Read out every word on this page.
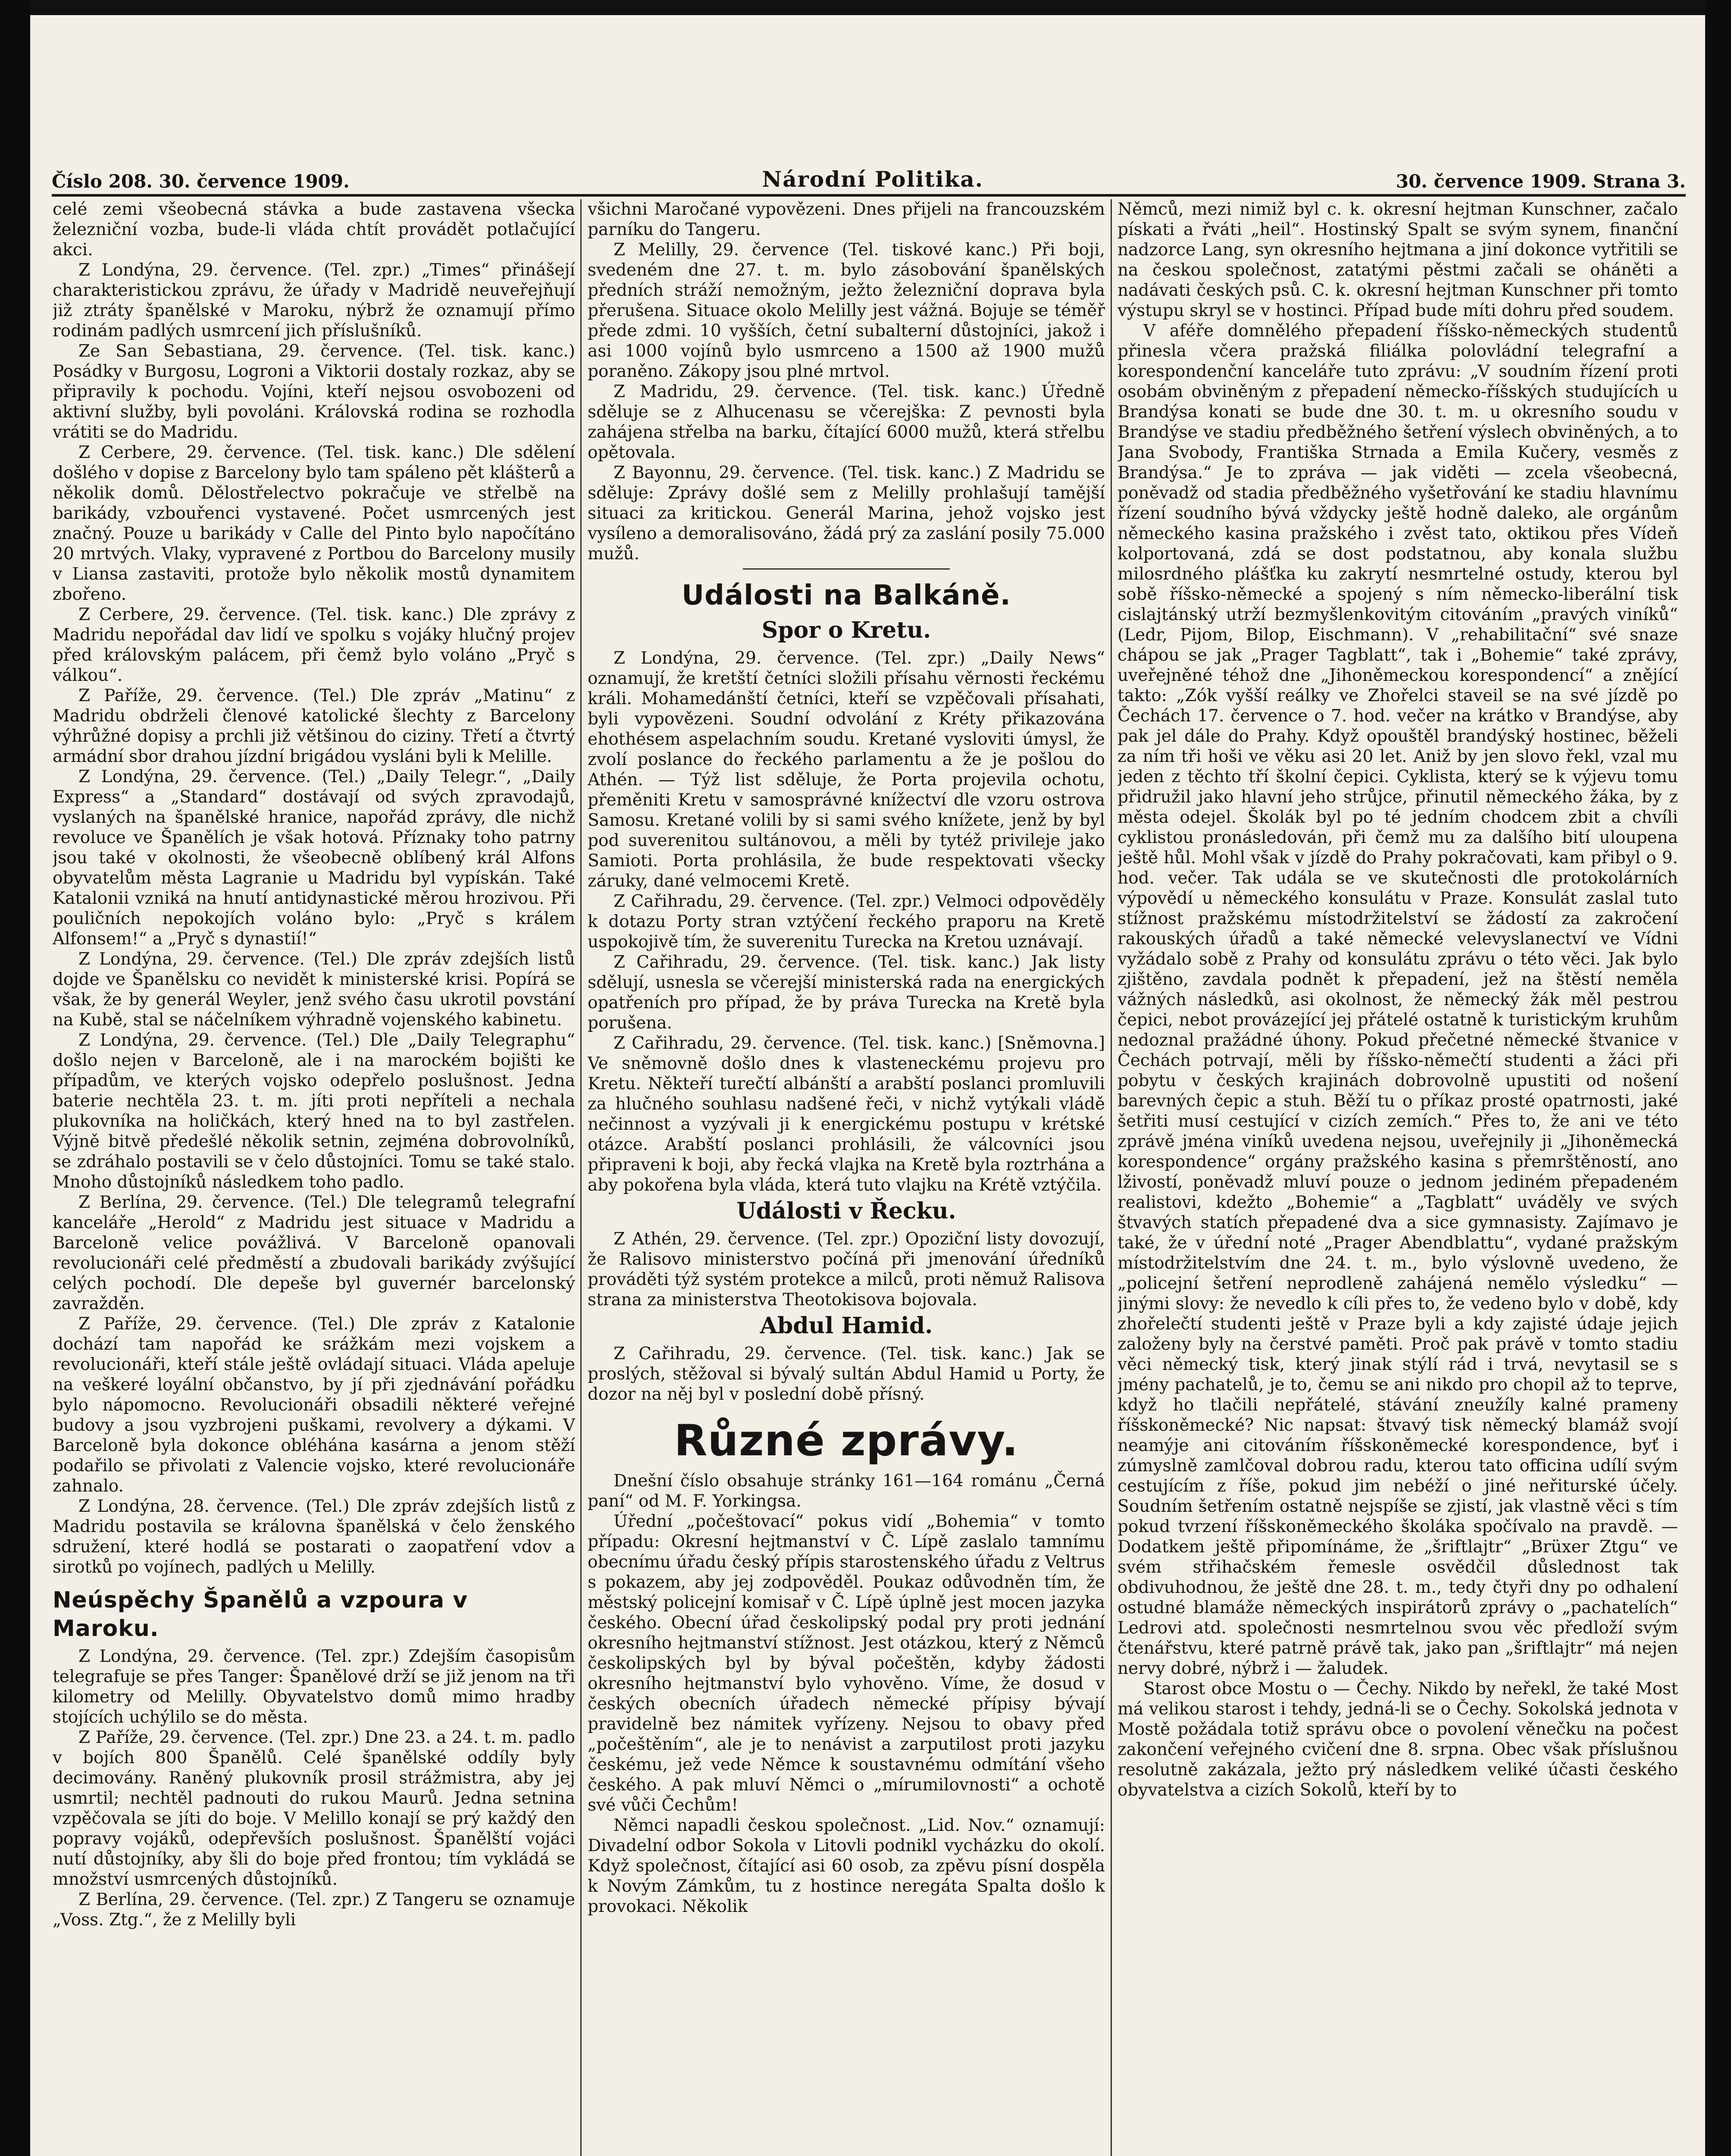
Číslo 208. 30. července 1909.	Národní Politika.	30. července 1909. Strana 3.

celé zemi všeobecná stávka a bude zastavena všecka železniční vozba, bude-li vláda chtít provádět potlačující akci.

Z Londýna, 29. července. (Tel. zpr.) „Times“ přinášejí charakteristickou zprávu, že úřady v Madridě neuveřejňují již ztráty španělské v Maroku, nýbrž že oznamují přímo rodinám padlých usmrcení jich příslušníků.

Ze San Sebastiana, 29. července. (Tel. tisk. kanc.) Posádky v Burgosu, Logroni a Viktorii dostaly rozkaz, aby se připravily k pochodu. Vojíni, kteří nejsou osvobozeni od aktivní služby, byli povoláni. Královská rodina se rozhodla vrátiti se do Madridu.

Z Cerbere, 29. července. (Tel. tisk. kanc.) Dle sdělení došlého v dopise z Barcelony bylo tam spáleno pět klášterů a několik domů. Dělostřelectvo pokračuje ve střelbě na barikády, vzbouřenci vystavené. Počet usmrcených jest značný. Pouze u barikády v Calle del Pinto bylo napočítáno 20 mrtvých. Vlaky, vypravené z Portbou do Barcelony musily v Liansa zastaviti, protože bylo několik mostů dynamitem zbořeno.

Z Cerbere, 29. července. (Tel. tisk. kanc.) Dle zprávy z Madridu nepořádal dav lidí ve spolku s vojáky hlučný projev před královským palácem, při čemž bylo voláno „Pryč s válkou“.

Z Paříže, 29. července. (Tel.) Dle zpráv „Matinu“ z Madridu obdrželi členové katolické šlechty z Barcelony výhrůžné dopisy a prchli již většinou do ciziny. Třetí a čtvrtý armádní sbor drahou jízdní brigádou vysláni byli k Melille.

Z Londýna, 29. července. (Tel.) „Daily Telegr.“, „Daily Express“ a „Standard“ dostávají od svých zpravodajů, vyslaných na španělské hranice, napořád zprávy, dle nichž revoluce ve Španělích je však hotová. Příznaky toho patrny jsou také v okolnosti, že všeobecně oblíbený král Alfons obyvatelům města Lagranie u Madridu byl vypískán. Také Katalonii vzniká na hnutí antidynastické měrou hrozivou. Při pouličních nepokojích voláno bylo: „Pryč s králem Alfonsem!“ a „Pryč s dynastií!“

Z Londýna, 29. července. (Tel.) Dle zpráv zdejších listů dojde ve Španělsku co nevidět k ministerské krisi. Popírá se však, že by generál Weyler, jenž svého času ukrotil povstání na Kubě, stal se náčelníkem výhradně vojenského kabinetu.

Z Londýna, 29. července. (Tel.) Dle „Daily Telegraphu“ došlo nejen v Barceloně, ale i na marockém bojišti ke případům, ve kterých vojsko odepřelo poslušnost. Jedna baterie nechtěla 23. t. m. jíti proti nepříteli a nechala plukovníka na holičkách, který hned na to byl zastřelen. Výjně bitvě předešlé několik setnin, zejména dobrovolníků, se zdráhalo postavili se v čelo důstojníci. Tomu se také stalo. Mnoho důstojníků následkem toho padlo.

Z Berlína, 29. července. (Tel.) Dle telegramů telegrafní kanceláře „Herold“ z Madridu jest situace v Madridu a Barceloně velice povážlivá. V Barceloně opanovali revolucionáři celé předměstí a zbudovali barikády zvýšující celých pochodí. Dle depeše byl guvernér barcelonský zavražděn.

Z Paříže, 29. července. (Tel.) Dle zpráv z Katalonie dochází tam napořád ke srážkám mezi vojskem a revolucionáři, kteří stále ještě ovládají situaci. Vláda apeluje na veškeré loyální občanstvo, by jí při zjednávání pořádku bylo nápomocno. Revolucionáři obsadili některé veřejné budovy a jsou vyzbrojeni puškami, revolvery a dýkami. V Barceloně byla dokonce obléhána kasárna a jenom stěží podařilo se přivolati z Valencie vojsko, které revolucionáře zahnalo.

Z Londýna, 28. července. (Tel.) Dle zpráv zdejších listů z Madridu postavila se královna španělská v čelo ženského sdružení, které hodlá se postarati o zaopatření vdov a sirotků po vojínech, padlých u Melilly.

Neúspěchy Španělů a vzpoura v Maroku.

Z Londýna, 29. července. (Tel. zpr.) Zdejším časopisům telegrafuje se přes Tanger: Španělové drží se již jenom na tři kilometry od Melilly. Obyvatelstvo domů mimo hradby stojících uchýlilo se do města.

Z Paříže, 29. července. (Tel. zpr.) Dne 23. a 24. t. m. padlo v bojích 800 Španělů. Celé španělské oddíly byly decimovány. Raněný plukovník prosil strážmistra, aby jej usmrtil; nechtěl padnouti do rukou Maurů. Jedna setnina vzpěčovala se jíti do boje. V Melillo konají se prý každý den popravy vojáků, odepřevších poslušnost. Španělští vojáci nutí důstojníky, aby šli do boje před frontou; tím vykládá se množství usmrcených důstojníků.

Z Berlína, 29. července. (Tel. zpr.) Z Tangeru se oznamuje „Voss. Ztg.“, že z Melilly byli

všichni Maročané vypovězeni. Dnes přijeli na francouzském parníku do Tangeru.

Z Melilly, 29. července (Tel. tiskové kanc.) Při boji, svedeném dne 27. t. m. bylo zásobování španělských předních stráží nemožným, ježto železniční doprava byla přerušena. Situace okolo Melilly jest vážná. Bojuje se téměř přede zdmi. 10 vyšších, četní subalterní důstojníci, jakož i asi 1000 vojínů bylo usmrceno a 1500 až 1900 mužů poraněno. Zákopy jsou plné mrtvol.

Z Madridu, 29. července. (Tel. tisk. kanc.) Úředně sděluje se z Alhucenasu se včerejška: Z pevnosti byla zahájena střelba na barku, čítající 6000 mužů, která střelbu opětovala.

Z Bayonnu, 29. července. (Tel. tisk. kanc.) Z Madridu se sděluje: Zprávy došlé sem z Melilly prohlašují tamější situaci za kritickou. Generál Marina, jehož vojsko jest vysíleno a demoralisováno, žádá prý za zaslání posily 75.000 mužů.

Události na Balkáně.
Spor o Kretu.

Z Londýna, 29. července. (Tel. zpr.) „Daily News“ oznamují, že kretští četníci složili přísahu věrnosti řeckému králi. Mohamedánští četníci, kteří se vzpěčovali přísahati, byli vypovězeni. Soudní odvolání z Kréty přikazována ehothésem aspelachním soudu. Kretané vysloviti úmysl, že zvolí poslance do řeckého parlamentu a že je pošlou do Athén. — Týž list sděluje, že Porta projevila ochotu, přeměniti Kretu v samosprávné knížectví dle vzoru ostrova Samosu. Kretané volili by si sami svého knížete, jenž by byl pod suverenitou sultánovou, a měli by tytéž privileje jako Samioti. Porta prohlásila, že bude respektovati všecky záruky, dané velmocemi Kretě.

Z Cařihradu, 29. července. (Tel. zpr.) Velmoci odpověděly k dotazu Porty stran vztýčení řeckého praporu na Kretě uspokojivě tím, že suverenitu Turecka na Kretou uznávají.

Z Cařihradu, 29. července. (Tel. tisk. kanc.) Jak listy sdělují, usnesla se včerejší ministerská rada na energických opatřeních pro případ, že by práva Turecka na Kretě byla porušena.

Z Cařihradu, 29. července. (Tel. tisk. kanc.) [Sněmovna.] Ve sněmovně došlo dnes k vlasteneckému projevu pro Kretu. Někteří turečtí albánští a arabští poslanci promluvili za hlučného souhlasu nadšené řeči, v nichž vytýkali vládě nečinnost a vyzývali ji k energickému postupu v krétské otázce. Arabští poslanci prohlásili, že válcovníci jsou připraveni k boji, aby řecká vlajka na Kretě byla roztrhána a aby pokořena byla vláda, která tuto vlajku na Krétě vztýčila.

Události v Řecku.

Z Athén, 29. července. (Tel. zpr.) Opoziční listy dovozují, že Ralisovo ministerstvo počíná při jmenování úředníků prováděti týž systém protekce a milců, proti němuž Ralisova strana za ministerstva Theotokisova bojovala.

Abdul Hamid.

Z Cařihradu, 29. července. (Tel. tisk. kanc.) Jak se proslých, stěžoval si bývalý sultán Abdul Hamid u Porty, že dozor na něj byl v poslední době přísný.

Různé zprávy.

Dnešní číslo obsahuje stránky 161—164 románu „Černá paní“ od M. F. Yorkingsa.

Úřední „počeštovací“ pokus vidí „Bohemia“ v tomto případu: Okresní hejtmanství v Č. Lípě zaslalo tamnímu obecnímu úřadu český přípis starostenského úřadu z Veltrus s pokazem, aby jej zodpověděl. Poukaz odůvodněn tím, že městský policejní komisař v Č. Lípě úplně jest mocen jazyka českého. Obecní úřad českolipský podal pry proti jednání okresního hejtmanství stížnost. Jest otázkou, který z Němců českolipských byl by býval počeštěn, kdyby žádosti okresního hejtmanství bylo vyhověno. Víme, že dosud v českých obecních úřadech německé přípisy bývají pravidelně bez námitek vyřízeny. Nejsou to obavy před „počeštěním“, ale je to nenávist a zarputilost proti jazyku českému, jež vede Němce k soustavnému odmítání všeho českého. A pak mluví Němci o „mírumilovnosti“ a ochotě své vůči Čechům!

Němci napadli českou společnost. „Lid. Nov.“ oznamují: Divadelní odbor Sokola v Litovli podnikl vycházku do okolí. Když společnost, čítající asi 60 osob, za zpěvu písní dospěla k Novým Zámkům, tu z hostince neregáta Spalta došlo k provokaci. Několik

Němců, mezi nimiž byl c. k. okresní hejtman Kunschner, začalo pískati a řváti „heil“. Hostinský Spalt se svým synem, finanční nadzorce Lang, syn okresního hejtmana a jiní dokonce vytřitili se na českou společnost, zatatými pěstmi začali se oháněti a nadávati českých psů. C. k. okresní hejtman Kunschner při tomto výstupu skryl se v hostinci. Případ bude míti dohru před soudem.

V aféře domnělého přepadení říšsko-německých studentů přinesla včera pražská filiálka polovládní telegrafní a korespondenční kanceláře tuto zprávu: „V soudním řízení proti osobám obviněným z přepadení německo-říšských studujících u Brandýsa konati se bude dne 30. t. m. u okresního soudu v Brandýse ve stadiu předběžného šetření výslech obviněných, a to Jana Svobody, Františka Strnada a Emila Kučery, vesměs z Brandýsa.“ Je to zpráva — jak viděti — zcela všeobecná, poněvadž od stadia předběžného vyšetřování ke stadiu hlavnímu řízení soudního bývá vždycky ještě hodně daleko, ale orgánům německého kasina pražského i zvěst tato, oktikou přes Vídeň kolportovaná, zdá se dost podstatnou, aby konala službu milosrdného plášťka ku zakrytí nesmrtelné ostudy, kterou byl sobě říšsko-německé a spojený s ním německo-liberální tisk cislajtánský utrží bezmyšlenkovitým citováním „pravých viníků“ (Ledr, Pijom, Bilop, Eischmann). V „rehabilitační“ své snaze chápou se jak „Prager Tagblatt“, tak i „Bohemie“ také zprávy, uveřejněné téhož dne „Jihoněmeckou korespondencí“ a znějící takto: „Zók vyšší reálky ve Zhořelci staveil se na své jízdě po Čechách 17. července o 7. hod. večer na krátko v Brandýse, aby pak jel dále do Prahy. Když opouštěl brandýský hostinec, běželi za ním tři hoši ve věku asi 20 let. Aniž by jen slovo řekl, vzal mu jeden z těchto tří školní čepici. Cyklista, který se k výjevu tomu přidružil jako hlavní jeho strůjce, přinutil německého žáka, by z města odejel. Školák byl po té jedním chodcem zbit a chvíli cyklistou pronásledován, při čemž mu za dalšího bití uloupena ještě hůl. Mohl však v jízdě do Prahy pokračovati, kam přibyl o 9. hod. večer. Tak udála se ve skutečnosti dle protokolárních výpovědí u německého konsulátu v Praze. Konsulát zaslal tuto stížnost pražskému místodržitelství se žádostí za zakročení rakouských úřadů a také německé velevyslanectví ve Vídni vyžádalo sobě z Prahy od konsulátu zprávu o této věci. Jak bylo zjištěno, zavdala podnět k přepadení, jež na štěstí neměla vážných následků, asi okolnost, že německý žák měl pestrou čepici, nebot provázející jej přátelé ostatně k turistickým kruhům nedoznal pražádné úhony. Pokud přečetné německé štvanice v Čechách potrvají, měli by říšsko-němečtí studenti a žáci při pobytu v českých krajinách dobrovolně upustiti od nošení barevných čepic a stuh. Běží tu o příkaz prosté opatrnosti, jaké šetřiti musí cestující v cizích zemích.“ Přes to, že ani ve této zprávě jména viníků uvedena nejsou, uveřejnily ji „Jihoněmecká korespondence“ orgány pražského kasina s přemrštěností, ano lživostí, poněvadž mluví pouze o jednom jediném přepadeném realistovi, kdežto „Bohemie“ a „Tagblatt“ uváděly ve svých štvavých statích přepadené dva a sice gymnasisty. Zajímavo je také, že v úřední noté „Prager Abendblattu“, vydané pražským místodržitelstvím dne 24. t. m., bylo výslovně uvedeno, že „policejní šetření neprodleně zahájená nemělo výsledku“ — jinými slovy: že nevedlo k cíli přes to, že vedeno bylo v době, kdy zhořelečtí studenti ještě v Praze byli a kdy zajisté údaje jejich založeny byly na čerstvé paměti. Proč pak právě v tomto stadiu věci německý tisk, který jinak stýlí rád i trvá, nevytasil se s jmény pachatelů, je to, čemu se ani nikdo pro chopil až to teprve, když ho tlačili nepřátelé, stávání zneužíly kalné prameny říšskoněmecké? Nic napsat: štvavý tisk německý blamáž svojí neamýje ani citováním říšskoněmecké korespondence, byť i zúmyslně zamlčoval dobrou radu, kterou tato officina udílí svým cestujícím z říše, pokud jim nebéží o jiné neřiturské účely. Soudním šetřením ostatně nejspíše se zjistí, jak vlastně věci s tím pokud tvrzení říšskoněmeckého školáka spočívalo na pravdě. — Dodatkem ještě připomínáme, že „šriftlajtr“ „Brüxer Ztgu“ ve svém střihačském řemesle osvědčil důslednost tak obdivuhodnou, že ještě dne 28. t. m., tedy čtyři dny po odhalení ostudné blamáže německých inspirátorů zprávy o „pachatelích“ Ledrovi atd. společnosti nesmrtelnou svou věc předloží svým čtenářstvu, které patrně právě tak, jako pan „šriftlajtr“ má nejen nervy dobré, nýbrž i — žaludek.

Starost obce Mostu o — Čechy. Nikdo by neřekl, že také Most má velikou starost i tehdy, jedná-li se o Čechy. Sokolská jednota v Mostě požádala totiž správu obce o povolení věnečku na počest zakončení veřejného cvičení dne 8. srpna. Obec však příslušnou resolutně zakázala, ježto prý následkem veliké účasti českého obyvatelstva a cizích Sokolů, kteří by to
